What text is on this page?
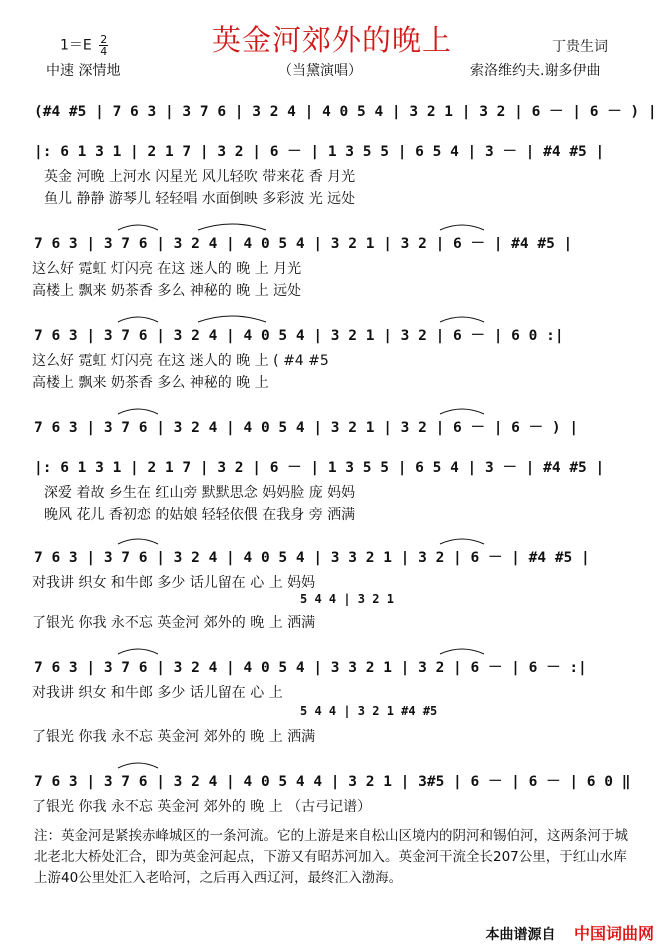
英金河郊外的晚上
$1=E \frac{2}{4}$
中速 深情地	（当黛演唱）
丁贵生词
索洛维约夫.谢多伊曲
(#4 #5 | 7 6 3 | 3 7 6 | 3 2 4 | 4 0 5 4 | 3 2 1 | 3 2 | 6 － | 6 － ) |
|: 6 1 3 1 | 2 1 7 | 3 2 | 6 － | 1 3 5 5 | 6 5 4 | 3 － | #4 #5 |
英金 河晚 上河水 闪星光 风儿轻吹 带来花 香 月光
鱼儿 静静 游琴儿 轻轻唱 水面倒映 多彩波 光 远处
7 6 3 | 3 7 6 | 3 2 4 | 4 0 5 4 | 3 2 1 | 3 2 | 6 － | #4 #5 |
这么好 霓虹 灯闪亮 在这 迷人的 晚 上 月光
高楼上 飘来 奶茶香 多么 神秘的 晚 上 远处
7 6 3 | 3 7 6 | 3 2 4 | 4 0 5 4 | 3 2 1 | 3 2 | 6 － | 6 0 :|
这么好 霓虹 灯闪亮 在这 迷人的 晚 上 ( #4 #5
高楼上 飘来 奶茶香 多么 神秘的 晚 上
7 6 3 | 3 7 6 | 3 2 4 | 4 0 5 4 | 3 2 1 | 3 2 | 6 － | 6 － ) |
|: 6 1 3 1 | 2 1 7 | 3 2 | 6 － | 1 3 5 5 | 6 5 4 | 3 － | #4 #5 |
深爱 着故 乡生在 红山旁 默默思念 妈妈脸 庞 妈妈
晚风 花儿 香初恋 的姑娘 轻轻依偎 在我身 旁 洒满
7 6 3 | 3 7 6 | 3 2 4 | 4 0 5 4 | 3 3 2 1 | 3 2 | 6 － | #4 #5 |
对我讲 织女 和牛郎 多少 话儿留在 心 上 妈妈
5 4 4 | 3 2 1
了银光 你我 永不忘 英金河 郊外的 晚 上 洒满
7 6 3 | 3 7 6 | 3 2 4 | 4 0 5 4 | 3 3 2 1 | 3 2 | 6 － | 6 － :|
对我讲 织女 和牛郎 多少 话儿留在 心 上
5 4 4 | 3 2 1 #4 #5
了银光 你我 永不忘 英金河 郊外的 晚 上 洒满
7 6 3 | 3 7 6 | 3 2 4 | 4 0 5 4 4 | 3 2 1 | 3#5 | 6 － | 6 － | 6 0 ‖
了银光 你我 永不忘 英金河 郊外的 晚 上 （古弓记谱）
注：英金河是紧挨赤峰城区的一条河流。它的上游是来自松山区境内的阴河和锡伯河，这两条河于城北老北大桥处汇合，即为英金河起点，下游又有昭苏河加入。英金河干流全长207公里，于红山水库上游40公里处汇入老哈河，之后再入西辽河，最终汇入渤海。
本曲谱源自 中国词曲网
